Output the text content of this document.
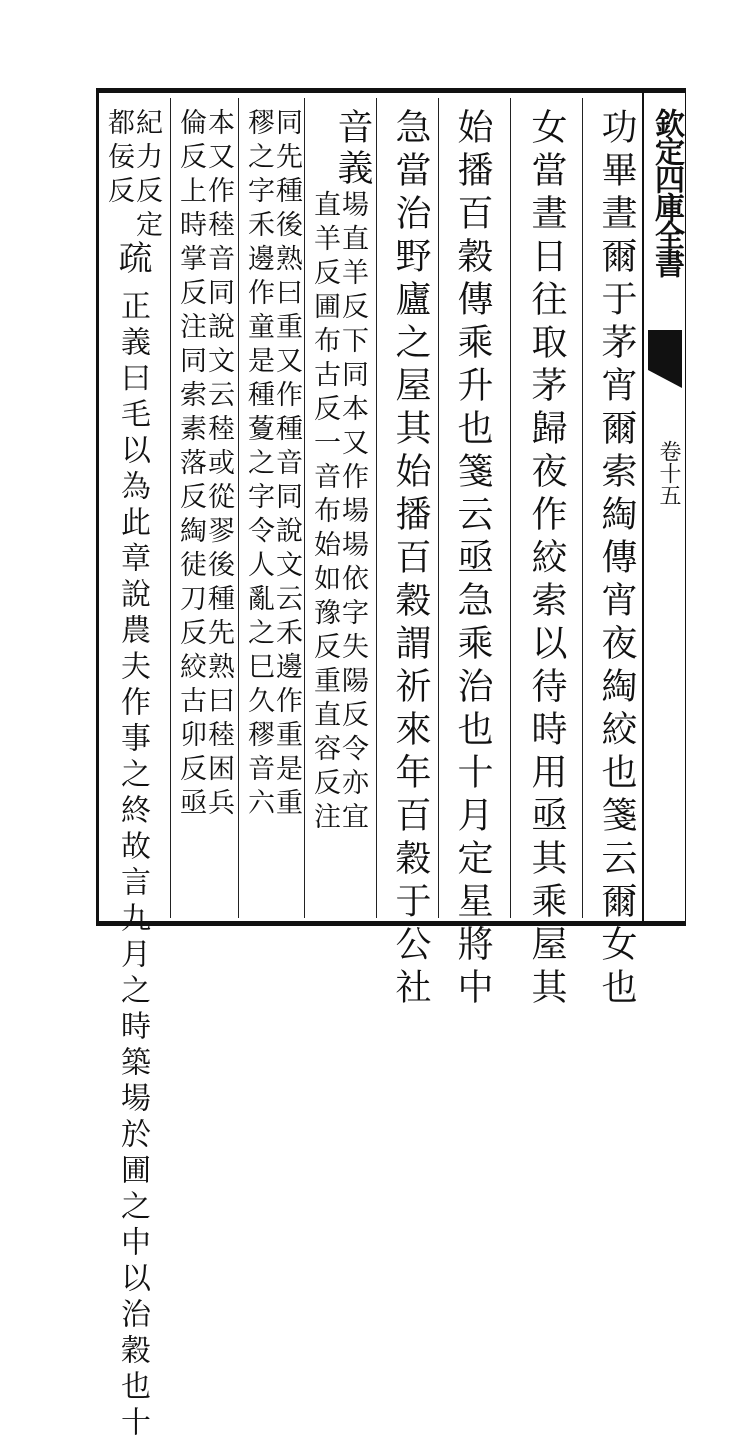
欽定四庫全書
卷十五
功畢晝爾于茅宵爾索綯傳宵夜綯絞也箋云爾女也
女當晝日往取茅歸夜作絞索以待時用亟其乘屋其
始播百穀傳乘升也箋云亟急乘治也十月定星將中
急當治野廬之屋其始播百穀謂祈來年百穀于公社
音義
場直羊反下同本又作場場依字失陽反令亦宜
直羊反圃布古反一音布始如豫反重直容反注
同先種後熟曰重又作種音同說文云禾邊作重是重
穋之字禾邊作童是種藑之字令人亂之巳久穋音六
本又作稑音同說文云稑或從翏後種先熟曰稑困兵
倫反上時掌反注同索素落反綯徒刀反絞古卯反亟
紀力反定
都佞反
疏
正義曰毛以為此章說農夫作事之終故言九月之時築場於圃之中以治穀也十
